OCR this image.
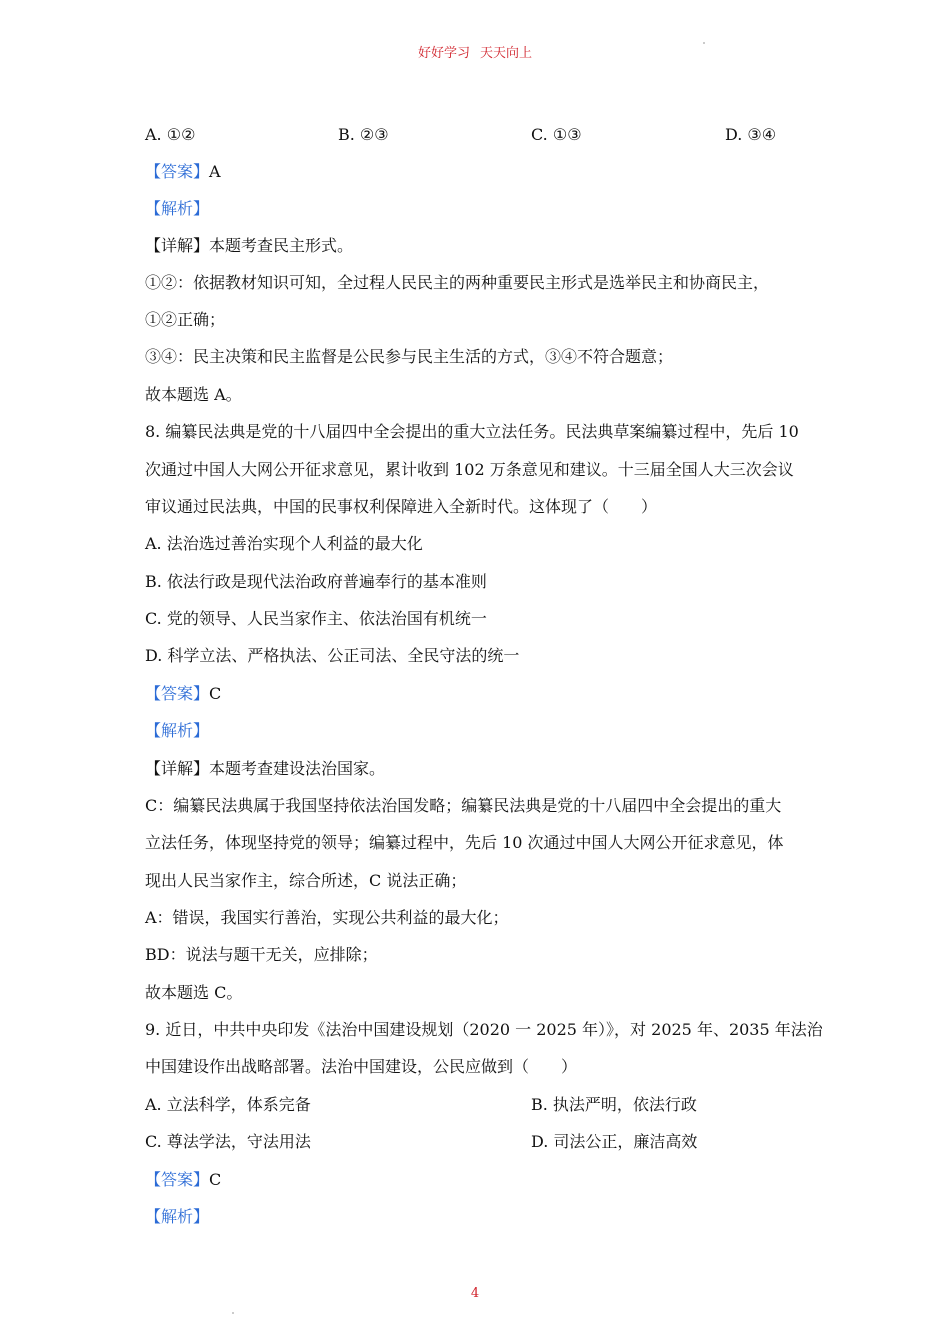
好好学习 天天向上
A. ①②	B. ②③	C. ①③	D. ③④
【答案】A
【解析】
【详解】本题考查民主形式。
①②：依据教材知识可知，全过程人民民主的两种重要民主形式是选举民主和协商民主，
①②正确；
③④：民主决策和民主监督是公民参与民主生活的方式，③④不符合题意；
故本题选 A。
8. 编纂民法典是党的十八届四中全会提出的重大立法任务。民法典草案编纂过程中，先后 10
次通过中国人大网公开征求意见，累计收到 102 万条意见和建议。十三届全国人大三次会议
审议通过民法典，中国的民事权利保障进入全新时代。这体现了（　　）
A. 法治选过善治实现个人利益的最大化
B. 依法行政是现代法治政府普遍奉行的基本准则
C. 党的领导、人民当家作主、依法治国有机统一
D. 科学立法、严格执法、公正司法、全民守法的统一
【答案】C
【解析】
【详解】本题考查建设法治国家。
C：编纂民法典属于我国坚持依法治国发略；编纂民法典是党的十八届四中全会提出的重大
立法任务，体现坚持党的领导；编纂过程中，先后 10 次通过中国人大网公开征求意见，体
现出人民当家作主，综合所述，C 说法正确；
A：错误，我国实行善治，实现公共利益的最大化；
BD：说法与题干无关，应排除；
故本题选 C。
9. 近日，中共中央印发《法治中国建设规划（2020 一 2025 年）》，对 2025 年、2035 年法治
中国建设作出战略部署。法治中国建设，公民应做到（　　）
A. 立法科学，体系完备	B. 执法严明，依法行政
C. 尊法学法，守法用法	D. 司法公正，廉洁高效
【答案】C
【解析】
4
